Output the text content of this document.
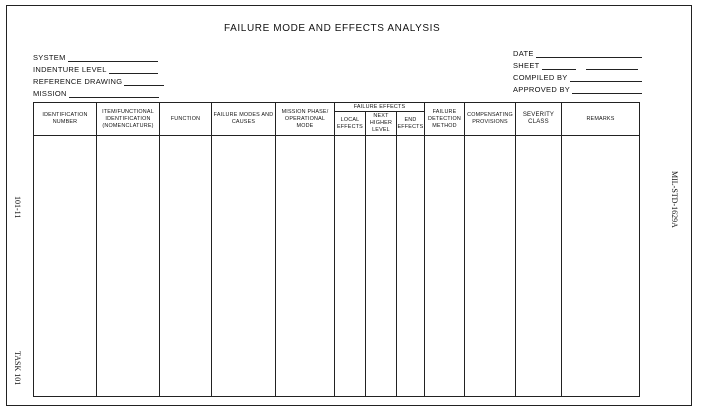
FAILURE MODE AND EFFECTS ANALYSIS
SYSTEM
INDENTURE LEVEL
REFERENCE DRAWING
MISSION
DATE
SHEET
COMPILED BY
APPROVED BY
101-11
TASK 101
MIL-STD-1629A
IDENTIFICATION NUMBER	ITEM/FUNCTIONAL IDENTIFICATION (NOMENCLATURE)	FUNCTION	FAILURE MODES AND CAUSES	MISSION PHASE/ OPERATIONAL MODE	FAILURE EFFECTS			FAILURE DETECTION METHOD	COMPENSATING PROVISIONS	SEVERITY CLASS	REMARKS
					LOCAL EFFECTS	NEXT HIGHER LEVEL	END EFFECTS				
